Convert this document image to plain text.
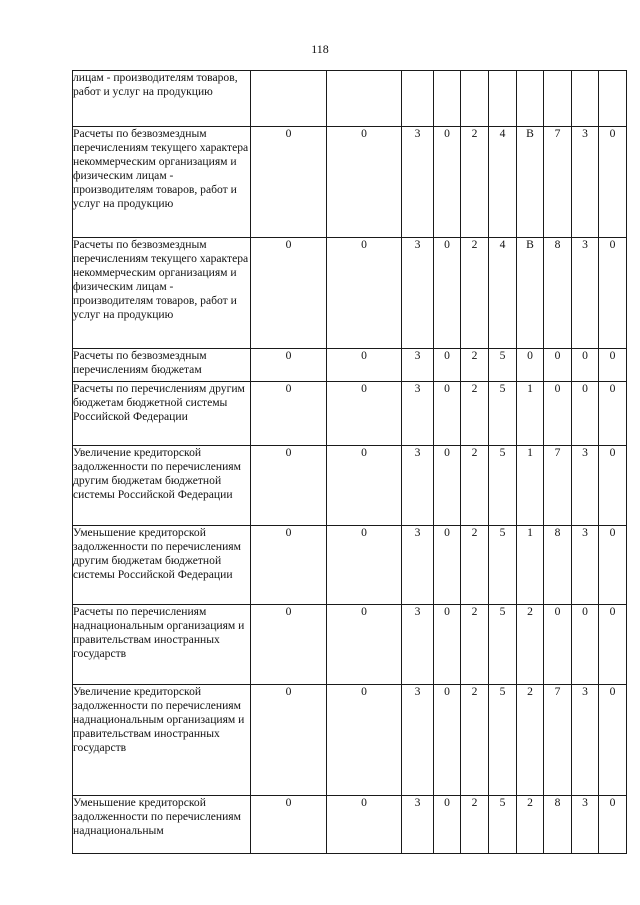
118
лицам - производителям товаров, работ и услуг на продукцию										
Расчеты по безвозмездным перечислениям текущего характера некоммерческим организациям и физическим лицам - производителям товаров, работ и услуг на продукцию	0	0	3	0	2	4	В	7	3	0
Расчеты по безвозмездным перечислениям текущего характера некоммерческим организациям и физическим лицам - производителям товаров, работ и услуг на продукцию	0	0	3	0	2	4	В	8	3	0
Расчеты по безвозмездным перечислениям бюджетам	0	0	3	0	2	5	0	0	0	0
Расчеты по перечислениям другим бюджетам бюджетной системы Российской Федерации	0	0	3	0	2	5	1	0	0	0
Увеличение кредиторской задолженности по перечислениям другим бюджетам бюджетной системы Российской Федерации	0	0	3	0	2	5	1	7	3	0
Уменьшение кредиторской задолженности по перечислениям другим бюджетам бюджетной системы Российской Федерации	0	0	3	0	2	5	1	8	3	0
Расчеты по перечислениям наднациональным организациям и правительствам иностранных государств	0	0	3	0	2	5	2	0	0	0
Увеличение кредиторской задолженности по перечислениям наднациональным организациям и правительствам иностранных государств	0	0	3	0	2	5	2	7	3	0
Уменьшение кредиторской задолженности по перечислениям наднациональным	0	0	3	0	2	5	2	8	3	0
